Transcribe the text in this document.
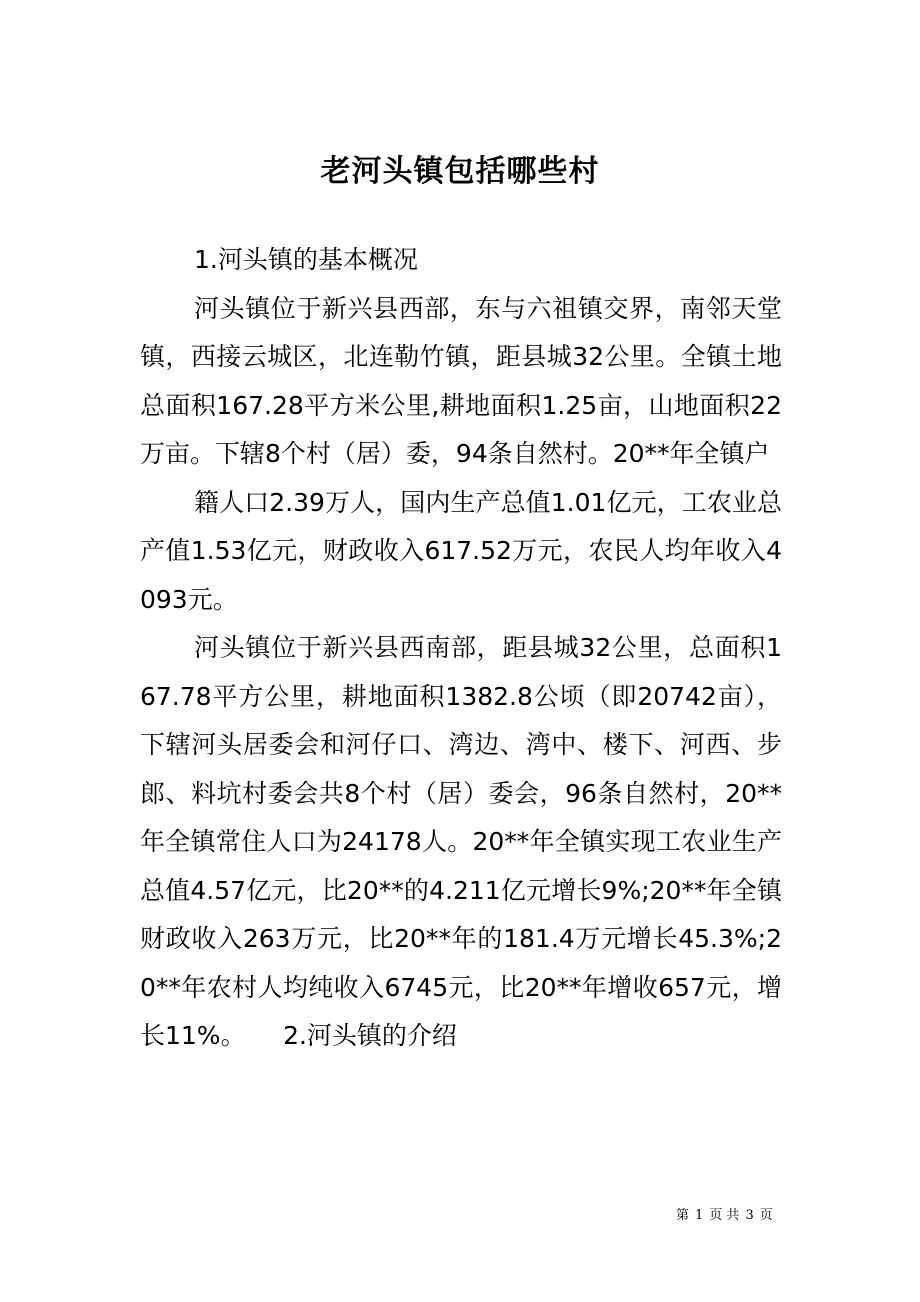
老河头镇包括哪些村

1.河头镇的基本概况

河头镇位于新兴县西部，东与六祖镇交界，南邻天堂镇，西接云城区，北连勒竹镇，距县城32公里。全镇土地总面积167.28平方米公里,耕地面积1.25亩，山地面积22万亩。下辖8个村（居）委，94条自然村。20**年全镇户

籍人口2.39万人，国内生产总值1.01亿元，工农业总产值1.53亿元，财政收入617.52万元，农民人均年收入4093元。

河头镇位于新兴县西南部，距县城32公里，总面积167.78平方公里，耕地面积1382.8公顷（即20742亩），下辖河头居委会和河仔口、湾边、湾中、楼下、河西、步郎、料坑村委会共8个村（居）委会，96条自然村，20**年全镇常住人口为24178人。20**年全镇实现工农业生产总值4.57亿元，比20**的4.211亿元增长9%;20**年全镇财政收入263万元，比20**年的181.4万元增长45.3%;20**年农村人均纯收入6745元，比20**年增收657元，增长11%。　　2.河头镇的介绍

第 1 页 共 3 页
